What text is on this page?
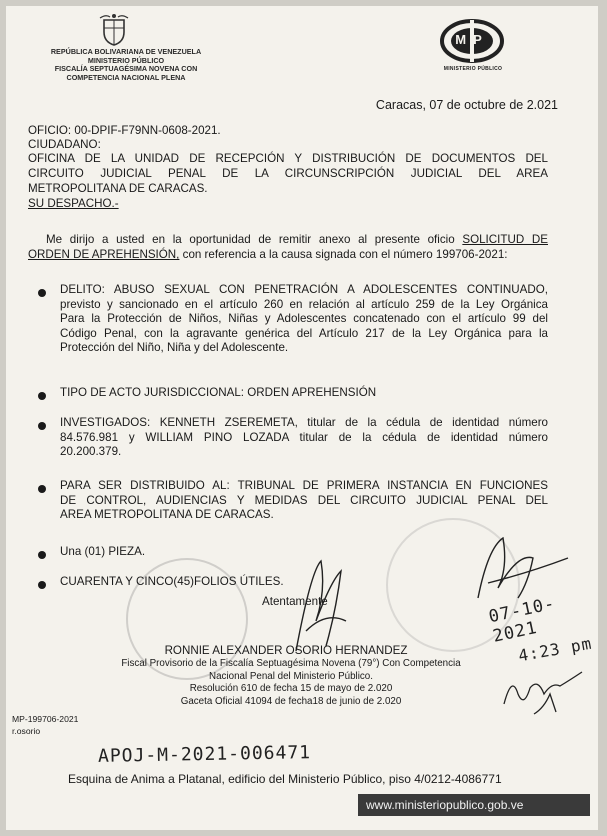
REPÚBLICA BOLIVARIANA DE VENEZUELA
MINISTERIO PÚBLICO
FISCALÍA SEPTUAGÉSIMA NOVENA CON
COMPETENCIA NACIONAL PLENA
MP
MINISTERIO PÚBLICO
Caracas, 07 de octubre de 2.021
OFICIO: 00-DPIF-F79NN-0608-2021.
CIUDADANO:
OFICINA DE LA UNIDAD DE RECEPCIÓN Y DISTRIBUCIÓN DE DOCUMENTOS DEL
CIRCUITO JUDICIAL PENAL DE LA CIRCUNSCRIPCIÓN JUDICIAL DEL AREA
METROPOLITANA DE CARACAS.
SU DESPACHO.-
Me dirijo a usted en la oportunidad de remitir anexo al presente oficio SOLICITUD DE
ORDEN DE APREHENSIÓN, con referencia a la causa signada con el número 199706-2021:
DELITO: ABUSO SEXUAL CON PENETRACIÓN A ADOLESCENTES CONTINUADO,
previsto y sancionado en el artículo 260 en relación al artículo 259 de la Ley Orgánica
Para la Protección de Niños, Niñas y Adolescentes concatenado con el artículo 99 del
Código Penal, con la agravante genérica del Artículo 217 de la Ley Orgánica para la
Protección del Niño, Niña y del Adolescente.
TIPO DE ACTO JURISDICCIONAL: ORDEN APREHENSIÓN
INVESTIGADOS: KENNETH ZSEREMETA, titular de la cédula de identidad número
84.576.981 y WILLIAM PINO LOZADA titular de la cédula de identidad número
20.200.379.
PARA SER DISTRIBUIDO AL: TRIBUNAL DE PRIMERA INSTANCIA EN FUNCIONES
DE CONTROL, AUDIENCIAS Y MEDIDAS DEL CIRCUITO JUDICIAL PENAL DEL
AREA METROPOLITANA DE CARACAS.
Una (01) PIEZA.
CUARENTA Y CINCO(45)FOLIOS ÚTILES.
Atentamente
RONNIE ALEXANDER OSORIO HERNANDEZ
Fiscal Provisorio de la Fiscalía Septuagésima Novena (79°) Con Competencia
Nacional Penal del Ministerio Público.
Resolución 610 de fecha 15 de mayo de 2.020
Gaceta Oficial 41094 de fecha18 de junio de 2.020
07-10-2021
4:23 pm
MP-199706-2021
r.osorio
APOJ-M-2021-006471
Esquina de Anima a Platanal, edificio del Ministerio Público, piso 4/0212-4086771
www.ministeriopublico.gob.ve
